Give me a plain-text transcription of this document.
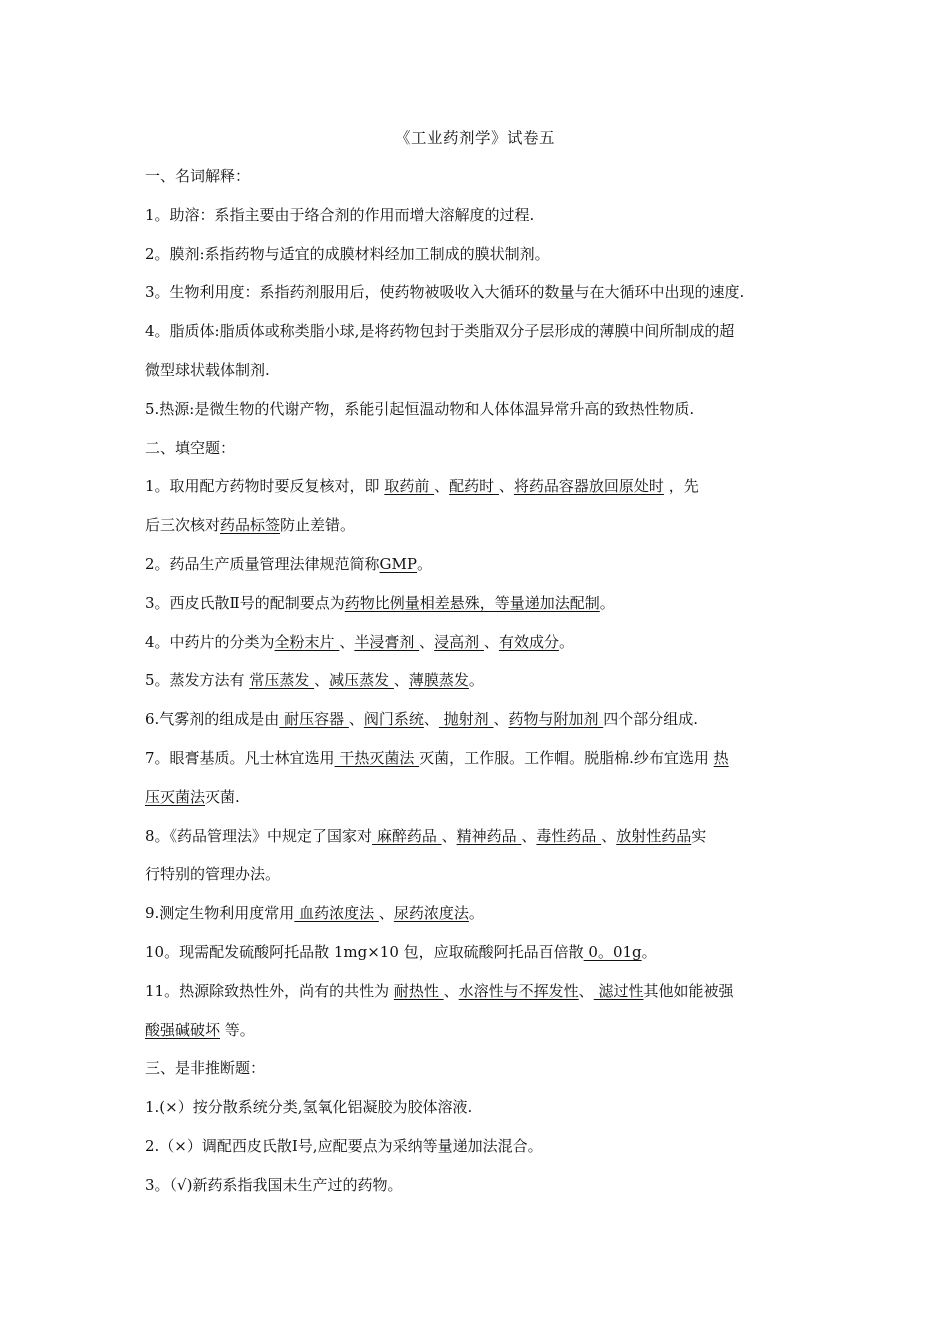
《工业药剂学》试卷五
一、名词解释：
1。助溶：系指主要由于络合剂的作用而增大溶解度的过程.
2。膜剂:系指药物与适宜的成膜材料经加工制成的膜状制剂。
3。生物利用度：系指药剂服用后，使药物被吸收入大循环的数量与在大循环中出现的速度.
4。脂质体:脂质体或称类脂小球,是将药物包封于类脂双分子层形成的薄膜中间所制成的超
微型球状载体制剂.
5.热源:是微生物的代谢产物，系能引起恒温动物和人体体温异常升高的致热性物质.
二、填空题：
1。取用配方药物时要反复核对，即 取药前 、配药时 、将药品容器放回原处时 ，先
后三次核对药品标签防止差错。
2。药品生产质量管理法律规范简称GMP。
3。西皮氏散Ⅱ号的配制要点为药物比例量相差悬殊，等量递加法配制。
4。中药片的分类为全粉末片 、半浸膏剂 、浸高剂 、有效成分。
5。蒸发方法有 常压蒸发 、减压蒸发 、薄膜蒸发。
6.气雾剂的组成是由 耐压容器 、阀门系统、 抛射剂 、药物与附加剂 四个部分组成.
7。眼膏基质。凡士林宜选用 干热灭菌法 灭菌，工作服。工作帽。脱脂棉.纱布宜选用 热
压灭菌法灭菌.
8。《药品管理法》中规定了国家对 麻醉药品 、精神药品 、毒性药品 、放射性药品实
行特别的管理办法。
9.测定生物利用度常用 血药浓度法 、尿药浓度法。
10。现需配发硫酸阿托品散 1mg×10 包，应取硫酸阿托品百倍散 0。01g。
11。热源除致热性外，尚有的共性为 耐热性 、水溶性与不挥发性、 滤过性其他如能被强
酸强碱破坏 等。
三、是非推断题：
1.(×）按分散系统分类,氢氧化铝凝胶为胶体溶液.
2.（×）调配西皮氏散Ⅰ号,应配要点为采纳等量递加法混合。
3。（√)新药系指我国未生产过的药物。
